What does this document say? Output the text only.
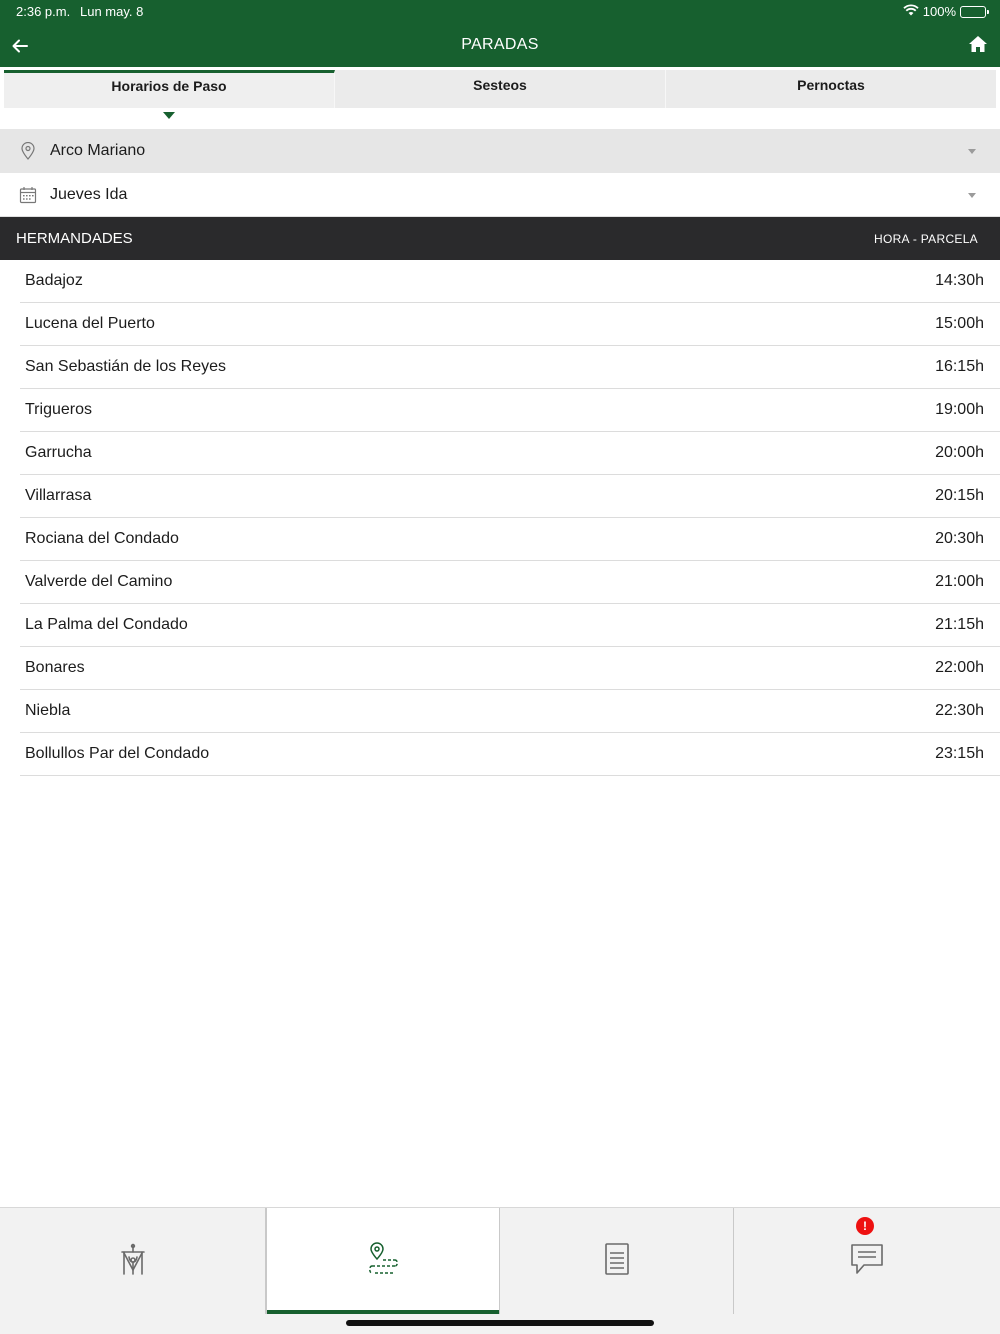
2:36 p.m. Lun may. 8	100%
PARADAS
Horarios de Paso	Sesteos	Pernoctas
Arco Mariano
Jueves Ida
HERMANDADES	HORA - PARCELA
Badajoz	14:30h
Lucena del Puerto	15:00h
San Sebastián de los Reyes	16:15h
Trigueros	19:00h
Garrucha	20:00h
Villarrasa	20:15h
Rociana del Condado	20:30h
Valverde del Camino	21:00h
La Palma del Condado	21:15h
Bonares	22:00h
Niebla	22:30h
Bollullos Par del Condado	23:15h
!
